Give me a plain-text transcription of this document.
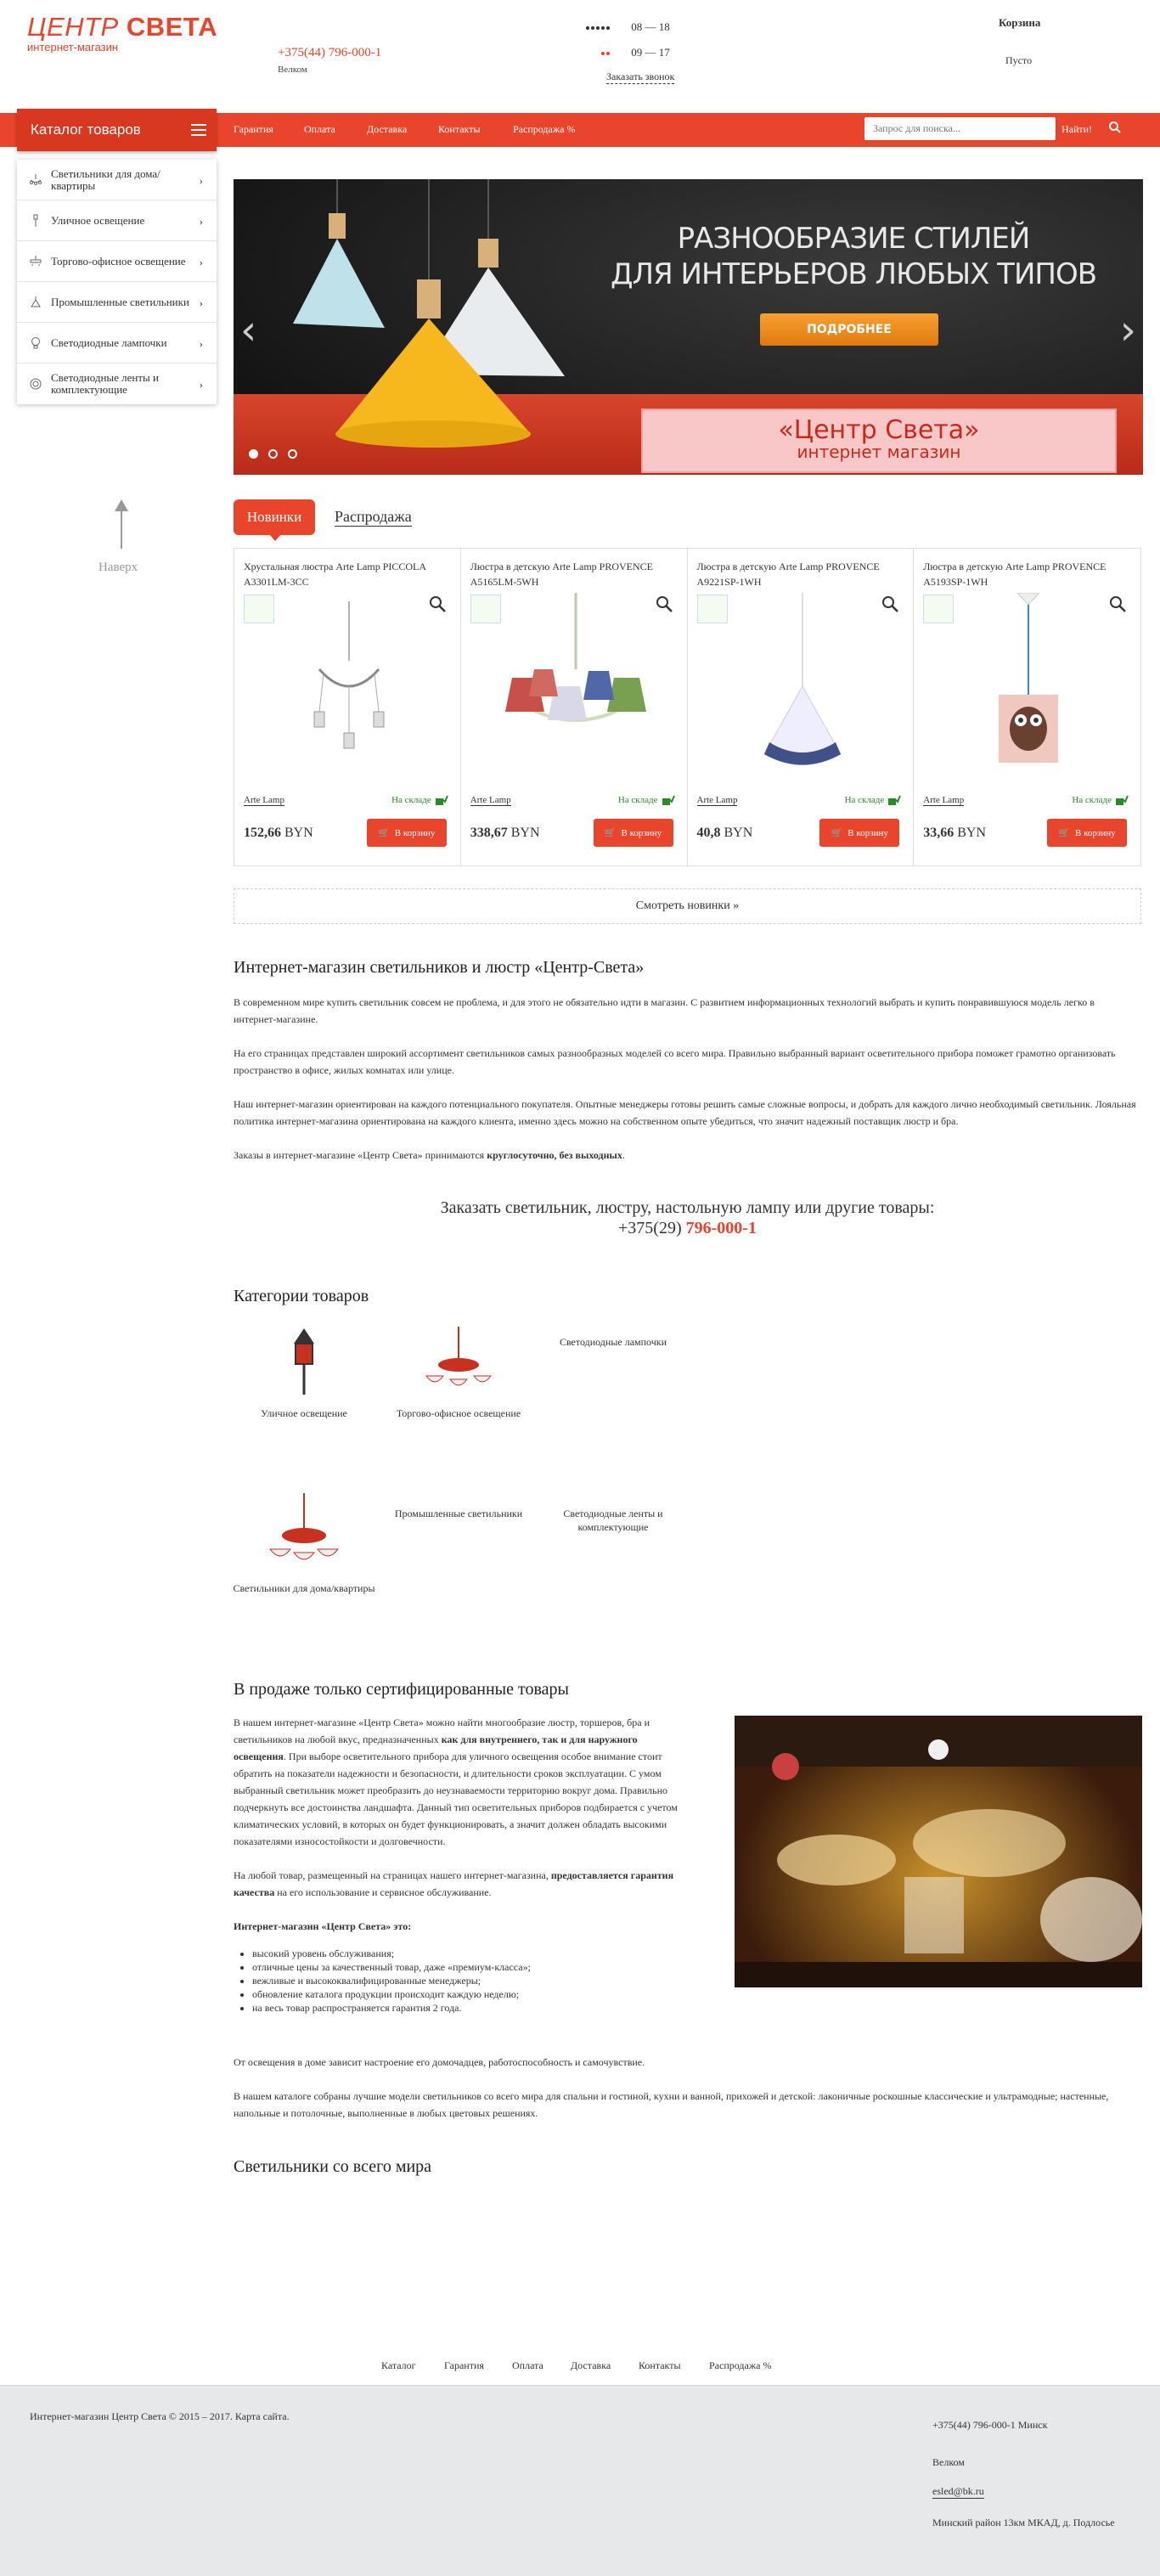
ЦЕНТР СВЕТА
интернет-магазин	+375(44) 796-000-1
Велком
08 — 18
09 — 17
Заказать звонок
Корзина
Пусто
Каталог товаров	Гарантия	Оплата	Доставка	Контакты	Распродажа %
Запрос для поиска...	Найти!
Светильники для дома/квартиры	›
Уличное освещение	›
Торгово-офисное освещение ›
Промышленные светильники ›
Светодиодные лампочки	›
Светодиодные ленты и комплектующие	›
Наверх
РАЗНООБРАЗИЕ СТИЛЕЙ
ДЛЯ ИНТЕРЬЕРОВ ЛЮБЫХ ТИПОВ
ПОДРОБНЕЕ
«Центр Света»
интернет магазин
‹	›
Новинки	Распродажа
Хрустальная люстра Arte Lamp PICCOLA A3301LM-3CC
Arte Lamp	На складе
152,66 BYN	🛒 В корзину
Люстра в детскую Arte Lamp PROVENCE A5165LM-5WH
Arte Lamp	На складе
338,67 BYN	🛒 В корзину
Люстра в детскую Arte Lamp PROVENCE A9221SP-1WH
Arte Lamp	На складе
40,8 BYN	🛒 В корзину
Люстра в детскую Arte Lamp PROVENCE A5193SP-1WH
Arte Lamp	На складе
33,66 BYN	🛒 В корзину
Смотреть новинки »
Интернет-магазин светильников и люстр «Центр-Света»
В современном мире купить светильник совсем не проблема, и для этого не обязательно идти в магазин. С развитием информационных технологий выбрать и купить понравившуюся модель легко в интернет-магазине.
На его страницах представлен широкий ассортимент светильников самых разнообразных моделей со всего мира. Правильно выбранный вариант осветительного прибора поможет грамотно организовать пространство в офисе, жилых комнатах или улице.
Наш интернет-магазин ориентирован на каждого потенциального покупателя. Опытные менеджеры готовы решить самые сложные вопросы, и добрать для каждого лично необходимый светильник. Лояльная политика интернет-магазина ориентирована на каждого клиента, именно здесь можно на собственном опыте убедиться, что значит надежный поставщик люстр и бра.
Заказы в интернет-магазине «Центр Света» принимаются круглосуточно, без выходных.
Заказать светильник, люстру, настольную лампу или другие товары:
+375(29) 796-000-1
Категории товаров
Уличное освещение	Торгово-офисное освещение
Светодиодные лампочки
Светильники для дома/квартиры
Промышленные светильники	Светодиодные ленты и комплектующие
В продаже только сертифицированные товары

В нашем интернет-магазине «Центр Света» можно найти многообразие люстр, торшеров, бра и светильников на любой вкус, предназначенных как для внутреннего, так и для наружного освещения. При выборе осветительного прибора для уличного освещения особое внимание стоит обратить на показатели надежности и безопасности, и длительности сроков эксплуатации. С умом выбранный светильник может преобразить до неузнаваемости территорию вокруг дома. Правильно подчеркнуть все достоинства ландшафта. Данный тип осветительных приборов подбирается с учетом климатических условий, в которых он будет функционировать, а значит должен обладать высокими показателями износостойкости и долговечности.

На любой товар, размещенный на страницах нашего интернет-магазина, предоставляется гарантия качества на его использование и сервисное обслуживание.

Интернет-магазин «Центр Света» это:

• высокий уровень обслуживания;
• отличные цены за качественный товар, даже «премиум-класса»;
• вежливые и высококвалифицированные менеджеры;
• обновление каталога продукции происходит каждую неделю;
• на весь товар распространяется гарантия 2 года.
От освещения в доме зависит настроение его домочадцев, работоспособность и самочувствие.
В нашем каталоге собраны лучшие модели светильников со всего мира для спальни и гостиной, кухни и ванной, прихожей и детской: лаконичные роскошные классические и ультрамодные; настенные, напольные и потолочные, выполненные в любых цветовых решениях.
Светильники со всего мира
Каталог	Гарантия	Оплата	Доставка	Контакты	Распродажа %
Интернет-магазин Центр Света © 2015 – 2017. Карта сайта.
+375(44) 796-000-1 Минск
Велком
esled@bk.ru
Минский район 13км МКАД, д. Подлосье
